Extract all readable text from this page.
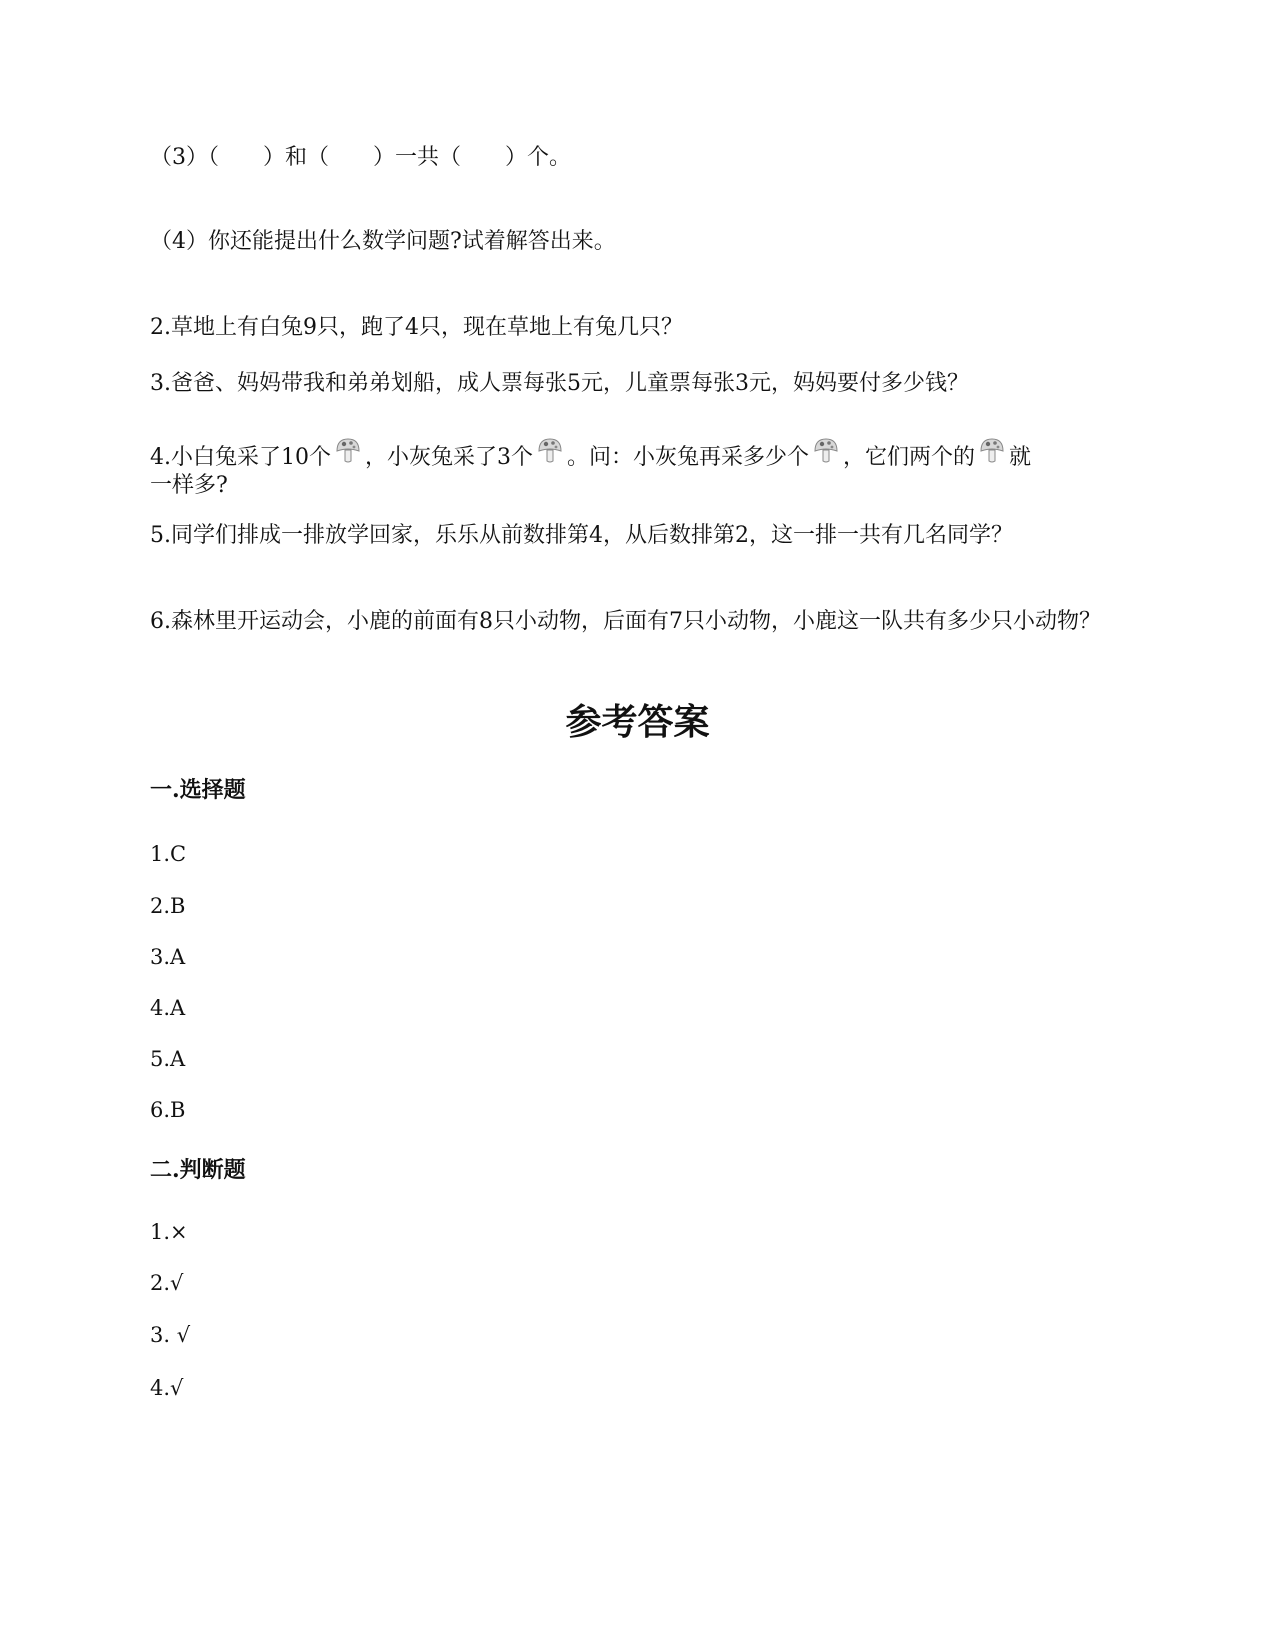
（3）（　　）和（　　）一共（　　）个。
（4）你还能提出什么数学问题?试着解答出来。
2.草地上有白兔9只，跑了4只，现在草地上有兔几只？
3.爸爸、妈妈带我和弟弟划船，成人票每张5元，儿童票每张3元，妈妈要付多少钱？
4.小白兔采了10个 ，小灰兔采了3个 。问：小灰兔再采多少个 ，它们两个的 就
一样多?
5.同学们排成一排放学回家，乐乐从前数排第4，从后数排第2，这一排一共有几名同学？
6.森林里开运动会，小鹿的前面有8只小动物，后面有7只小动物，小鹿这一队共有多少只小动物？
参考答案
一.选择题
1.C
2.B
3.A
4.A
5.A
6.B
二.判断题
1.×
2.√
3. √
4.√
